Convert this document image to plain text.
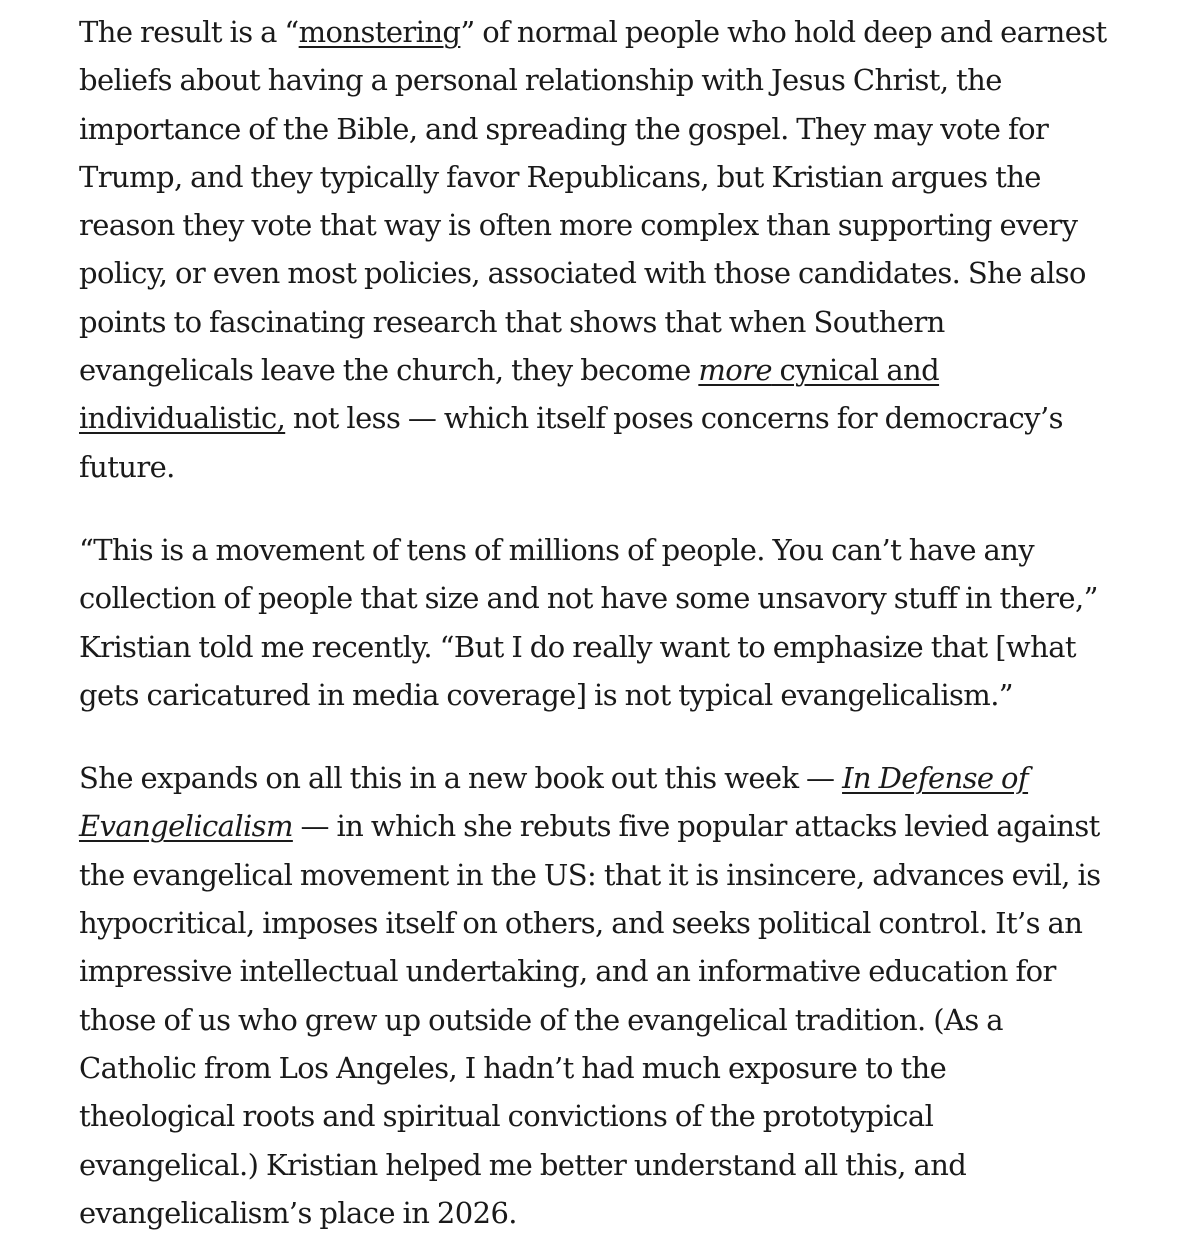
The result is a “monstering” of normal people who hold deep and earnest beliefs about having a personal relationship with Jesus Christ, the importance of the Bible, and spreading the gospel. They may vote for Trump, and they typically favor Republicans, but Kristian argues the reason they vote that way is often more complex than supporting every policy, or even most policies, associated with those candidates. She also points to fascinating research that shows that when Southern evangelicals leave the church, they become more cynical and individualistic, not less — which itself poses concerns for democracy’s future.

“This is a movement of tens of millions of people. You can’t have any collection of people that size and not have some unsavory stuff in there,” Kristian told me recently. “But I do really want to emphasize that [what gets caricatured in media coverage] is not typical evangelicalism.”

She expands on all this in a new book out this week — In Defense of Evangelicalism — in which she rebuts five popular attacks levied against the evangelical movement in the US: that it is insincere, advances evil, is hypocritical, imposes itself on others, and seeks political control. It’s an impressive intellectual undertaking, and an informative education for those of us who grew up outside of the evangelical tradition. (As a Catholic from Los Angeles, I hadn’t had much exposure to the theological roots and spiritual convictions of the prototypical evangelical.) Kristian helped me better understand all this, and evangelicalism’s place in 2026.
